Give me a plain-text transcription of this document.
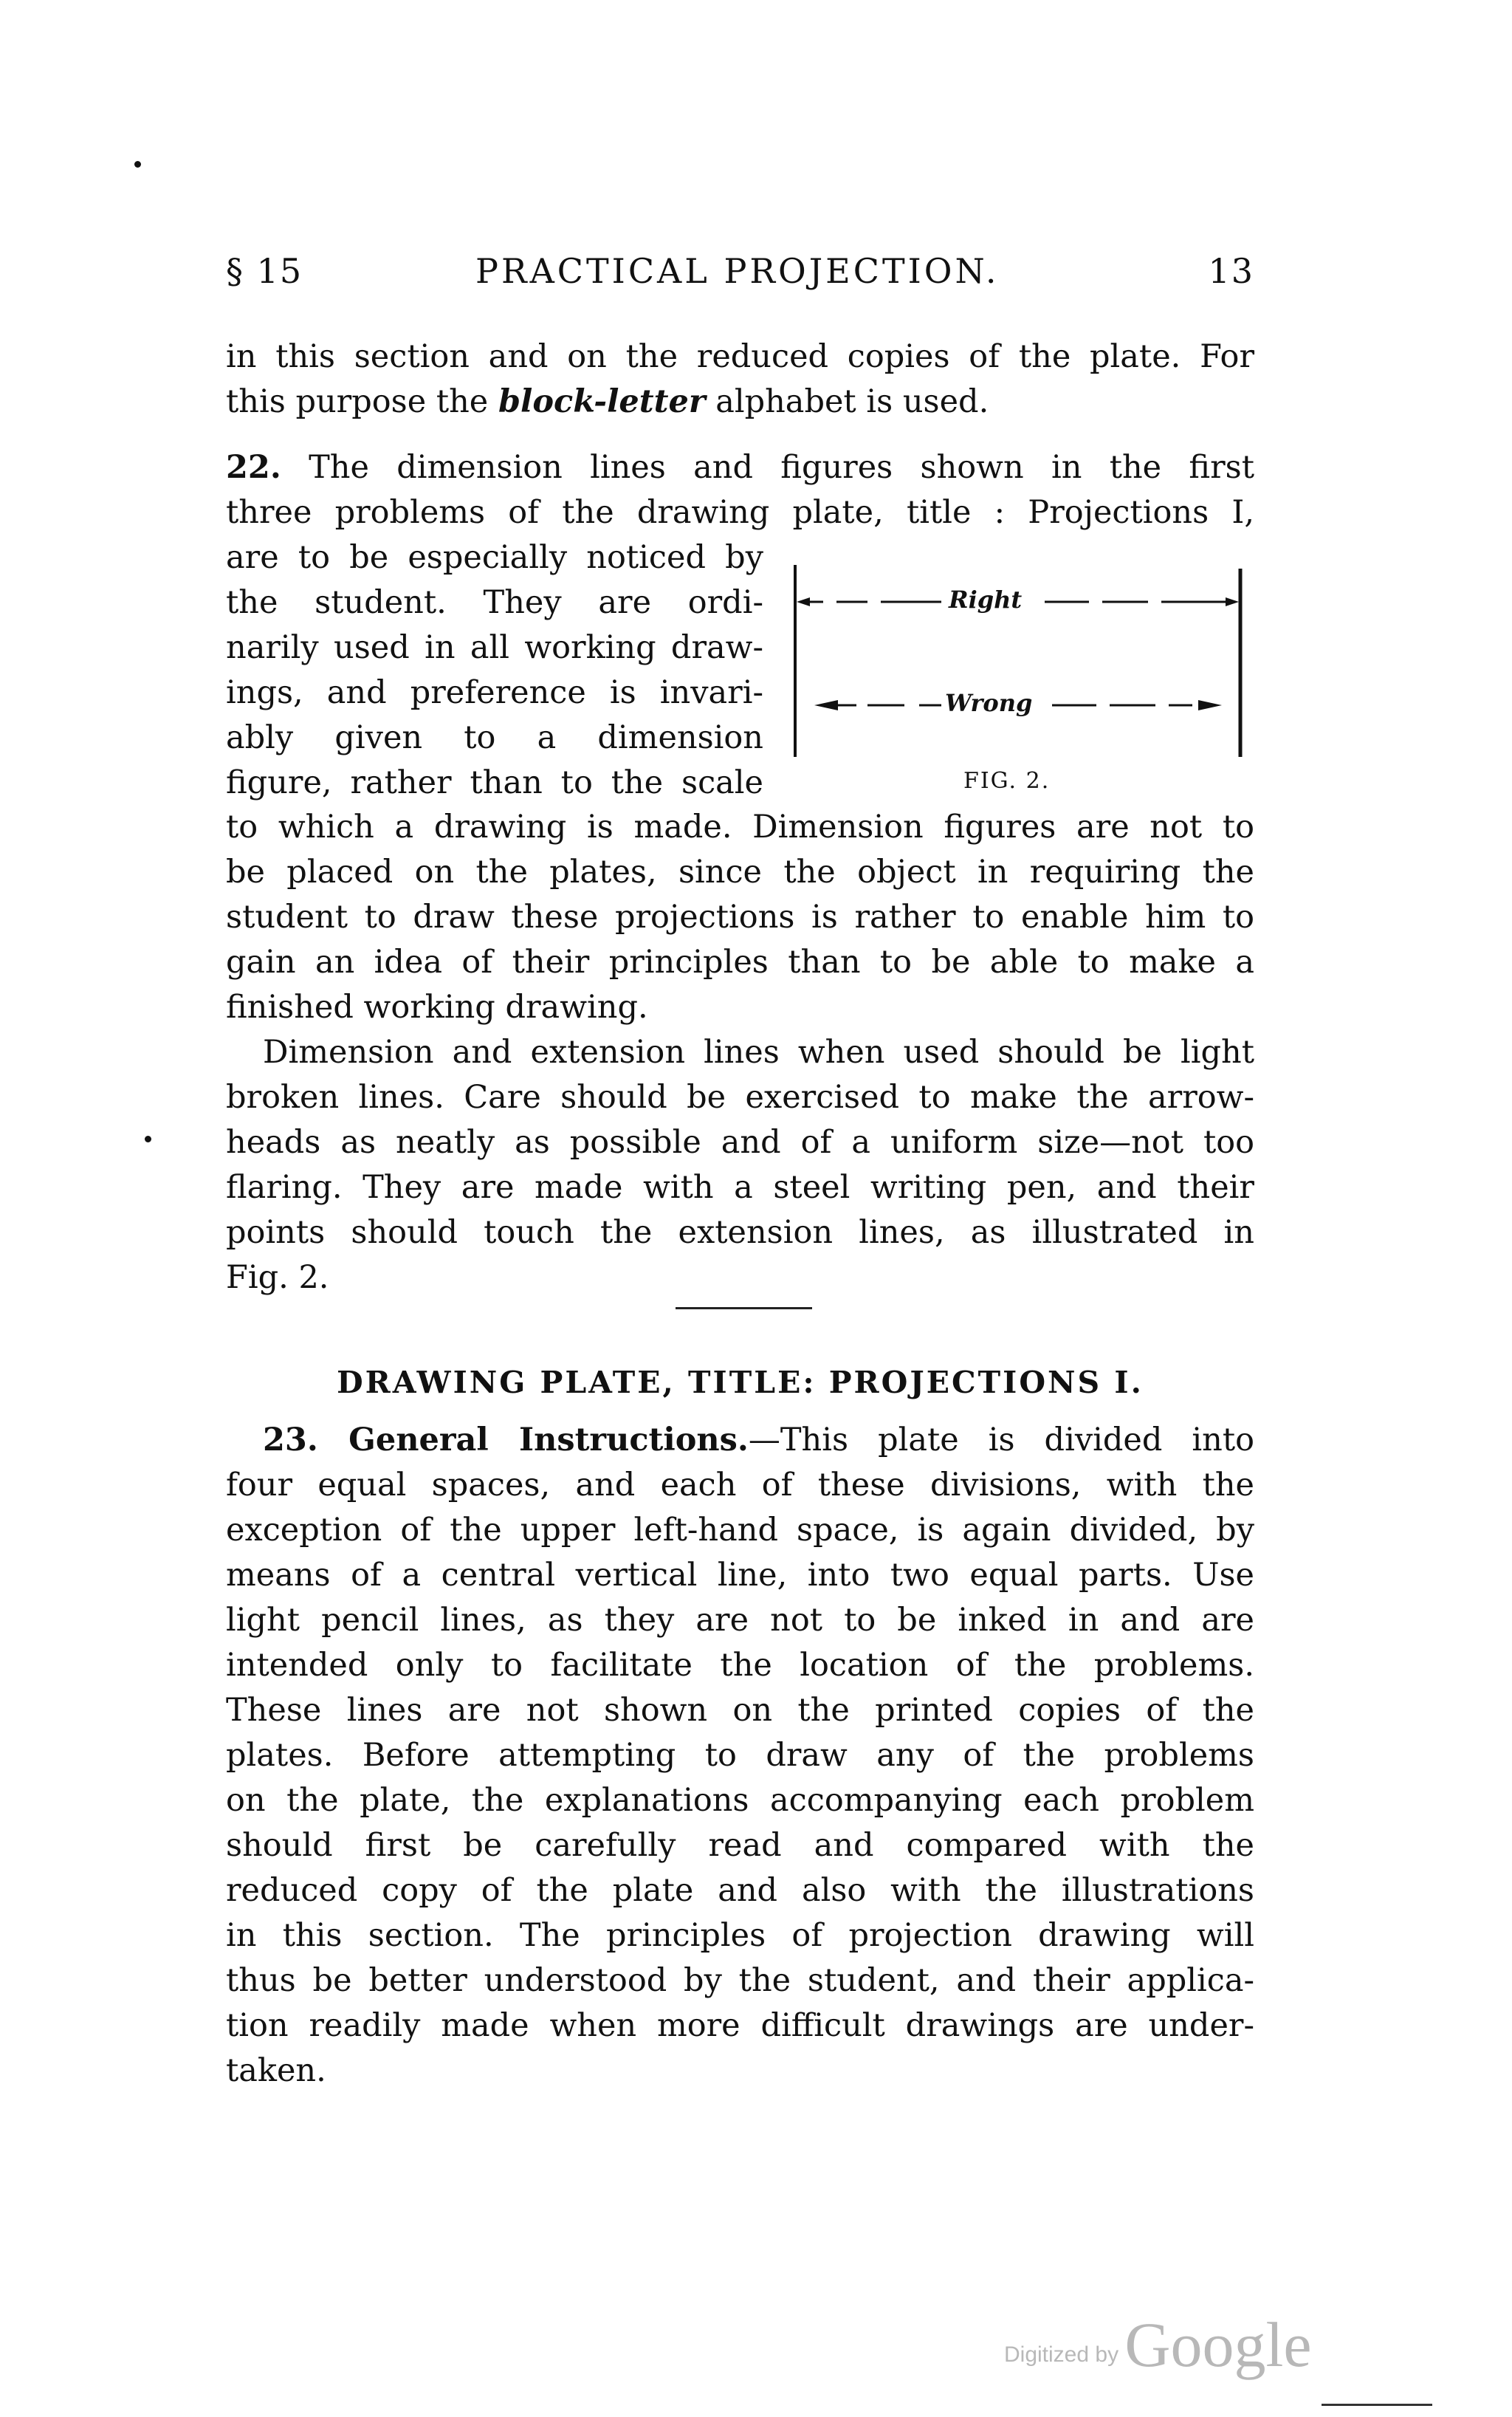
§ 15	PRACTICAL PROJECTION.	13
in this section and on the reduced copies of the plate. For
this purpose the block-letter alphabet is used.
22. The dimension lines and figures shown in the first
three problems of the drawing plate, title : Projections I,
are to be especially noticed by
the student. They are ordi-
narily used in all working draw-
ings, and preference is invari-
ably given to a dimension
figure, rather than to the scale
Right
Wrong
FIG. 2.
to which a drawing is made. Dimension figures are not to
be placed on the plates, since the object in requiring the
student to draw these projections is rather to enable him to
gain an idea of their principles than to be able to make a
finished working drawing.
Dimension and extension lines when used should be light
broken lines. Care should be exercised to make the arrow-
heads as neatly as possible and of a uniform size—not too
flaring. They are made with a steel writing pen, and their
points should touch the extension lines, as illustrated in
Fig. 2.
DRAWING PLATE, TITLE: PROJECTIONS I.
23. General Instructions.—This plate is divided into
four equal spaces, and each of these divisions, with the
exception of the upper left-hand space, is again divided, by
means of a central vertical line, into two equal parts. Use
light pencil lines, as they are not to be inked in and are
intended only to facilitate the location of the problems.
These lines are not shown on the printed copies of the
plates. Before attempting to draw any of the problems
on the plate, the explanations accompanying each problem
should first be carefully read and compared with the
reduced copy of the plate and also with the illustrations
in this section. The principles of projection drawing will
thus be better understood by the student, and their applica-
tion readily made when more difficult drawings are under-
taken.
Digitized by Google
